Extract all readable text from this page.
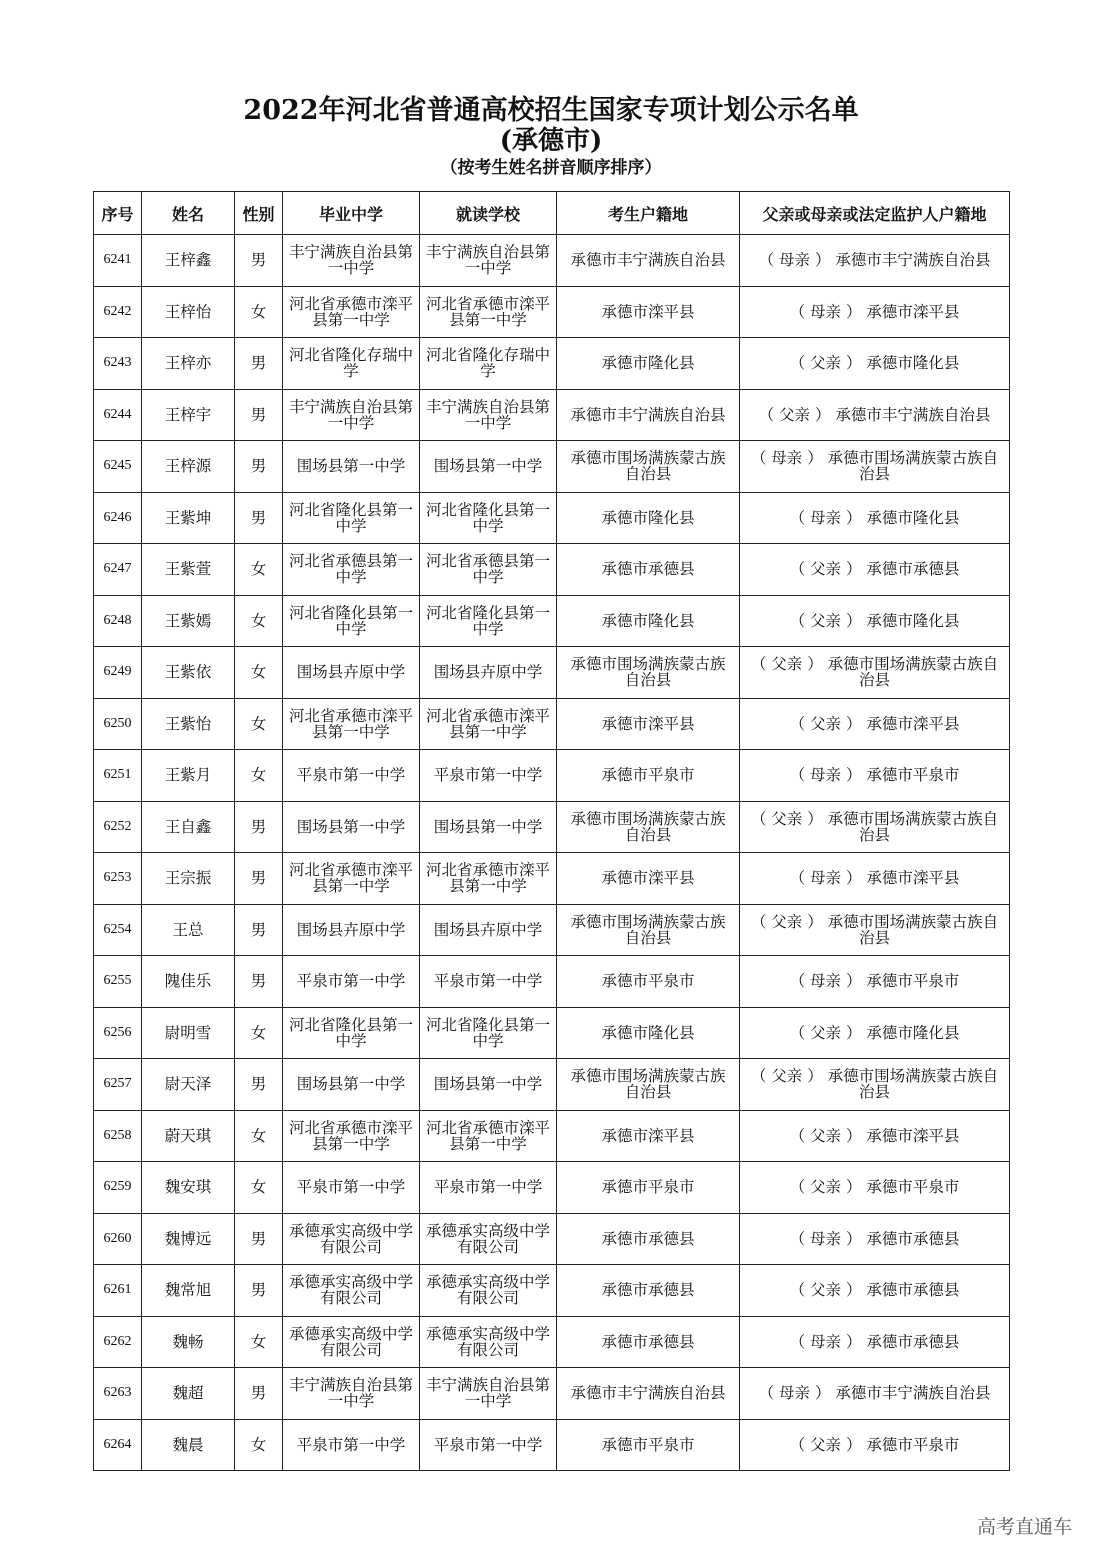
2022年河北省普通高校招生国家专项计划公示名单
(承德市)
（按考生姓名拼音顺序排序）
序号	姓名	性别	毕业中学	就读学校	考生户籍地	父亲或母亲或法定监护人户籍地
6241	王梓鑫	男	丰宁满族自治县第一中学	丰宁满族自治县第一中学	承德市丰宁满族自治县	（ 母亲 ） 承德市丰宁满族自治县
6242	王梓怡	女	河北省承德市滦平县第一中学	河北省承德市滦平县第一中学	承德市滦平县	（ 母亲 ） 承德市滦平县
6243	王梓亦	男	河北省隆化存瑞中学	河北省隆化存瑞中学	承德市隆化县	（ 父亲 ） 承德市隆化县
6244	王梓宇	男	丰宁满族自治县第一中学	丰宁满族自治县第一中学	承德市丰宁满族自治县	（ 父亲 ） 承德市丰宁满族自治县
6245	王梓源	男	围场县第一中学	围场县第一中学	承德市围场满族蒙古族自治县	（ 母亲 ） 承德市围场满族蒙古族自治县
6246	王紫坤	男	河北省隆化县第一中学	河北省隆化县第一中学	承德市隆化县	（ 母亲 ） 承德市隆化县
6247	王紫萱	女	河北省承德县第一中学	河北省承德县第一中学	承德市承德县	（ 父亲 ） 承德市承德县
6248	王紫嫣	女	河北省隆化县第一中学	河北省隆化县第一中学	承德市隆化县	（ 父亲 ） 承德市隆化县
6249	王紫依	女	围场县卉原中学	围场县卉原中学	承德市围场满族蒙古族自治县	（ 父亲 ） 承德市围场满族蒙古族自治县
6250	王紫怡	女	河北省承德市滦平县第一中学	河北省承德市滦平县第一中学	承德市滦平县	（ 父亲 ） 承德市滦平县
6251	王紫月	女	平泉市第一中学	平泉市第一中学	承德市平泉市	（ 母亲 ） 承德市平泉市
6252	王自鑫	男	围场县第一中学	围场县第一中学	承德市围场满族蒙古族自治县	（ 父亲 ） 承德市围场满族蒙古族自治县
6253	王宗振	男	河北省承德市滦平县第一中学	河北省承德市滦平县第一中学	承德市滦平县	（ 母亲 ） 承德市滦平县
6254	王总	男	围场县卉原中学	围场县卉原中学	承德市围场满族蒙古族自治县	（ 父亲 ） 承德市围场满族蒙古族自治县
6255	隗佳乐	男	平泉市第一中学	平泉市第一中学	承德市平泉市	（ 母亲 ） 承德市平泉市
6256	尉明雪	女	河北省隆化县第一中学	河北省隆化县第一中学	承德市隆化县	（ 父亲 ） 承德市隆化县
6257	尉天泽	男	围场县第一中学	围场县第一中学	承德市围场满族蒙古族自治县	（ 父亲 ） 承德市围场满族蒙古族自治县
6258	蔚天琪	女	河北省承德市滦平县第一中学	河北省承德市滦平县第一中学	承德市滦平县	（ 父亲 ） 承德市滦平县
6259	魏安琪	女	平泉市第一中学	平泉市第一中学	承德市平泉市	（ 父亲 ） 承德市平泉市
6260	魏博远	男	承德承实高级中学有限公司	承德承实高级中学有限公司	承德市承德县	（ 母亲 ） 承德市承德县
6261	魏常旭	男	承德承实高级中学有限公司	承德承实高级中学有限公司	承德市承德县	（ 父亲 ） 承德市承德县
6262	魏畅	女	承德承实高级中学有限公司	承德承实高级中学有限公司	承德市承德县	（ 母亲 ） 承德市承德县
6263	魏超	男	丰宁满族自治县第一中学	丰宁满族自治县第一中学	承德市丰宁满族自治县	（ 母亲 ） 承德市丰宁满族自治县
6264	魏晨	女	平泉市第一中学	平泉市第一中学	承德市平泉市	（ 父亲 ） 承德市平泉市
高考直通车
